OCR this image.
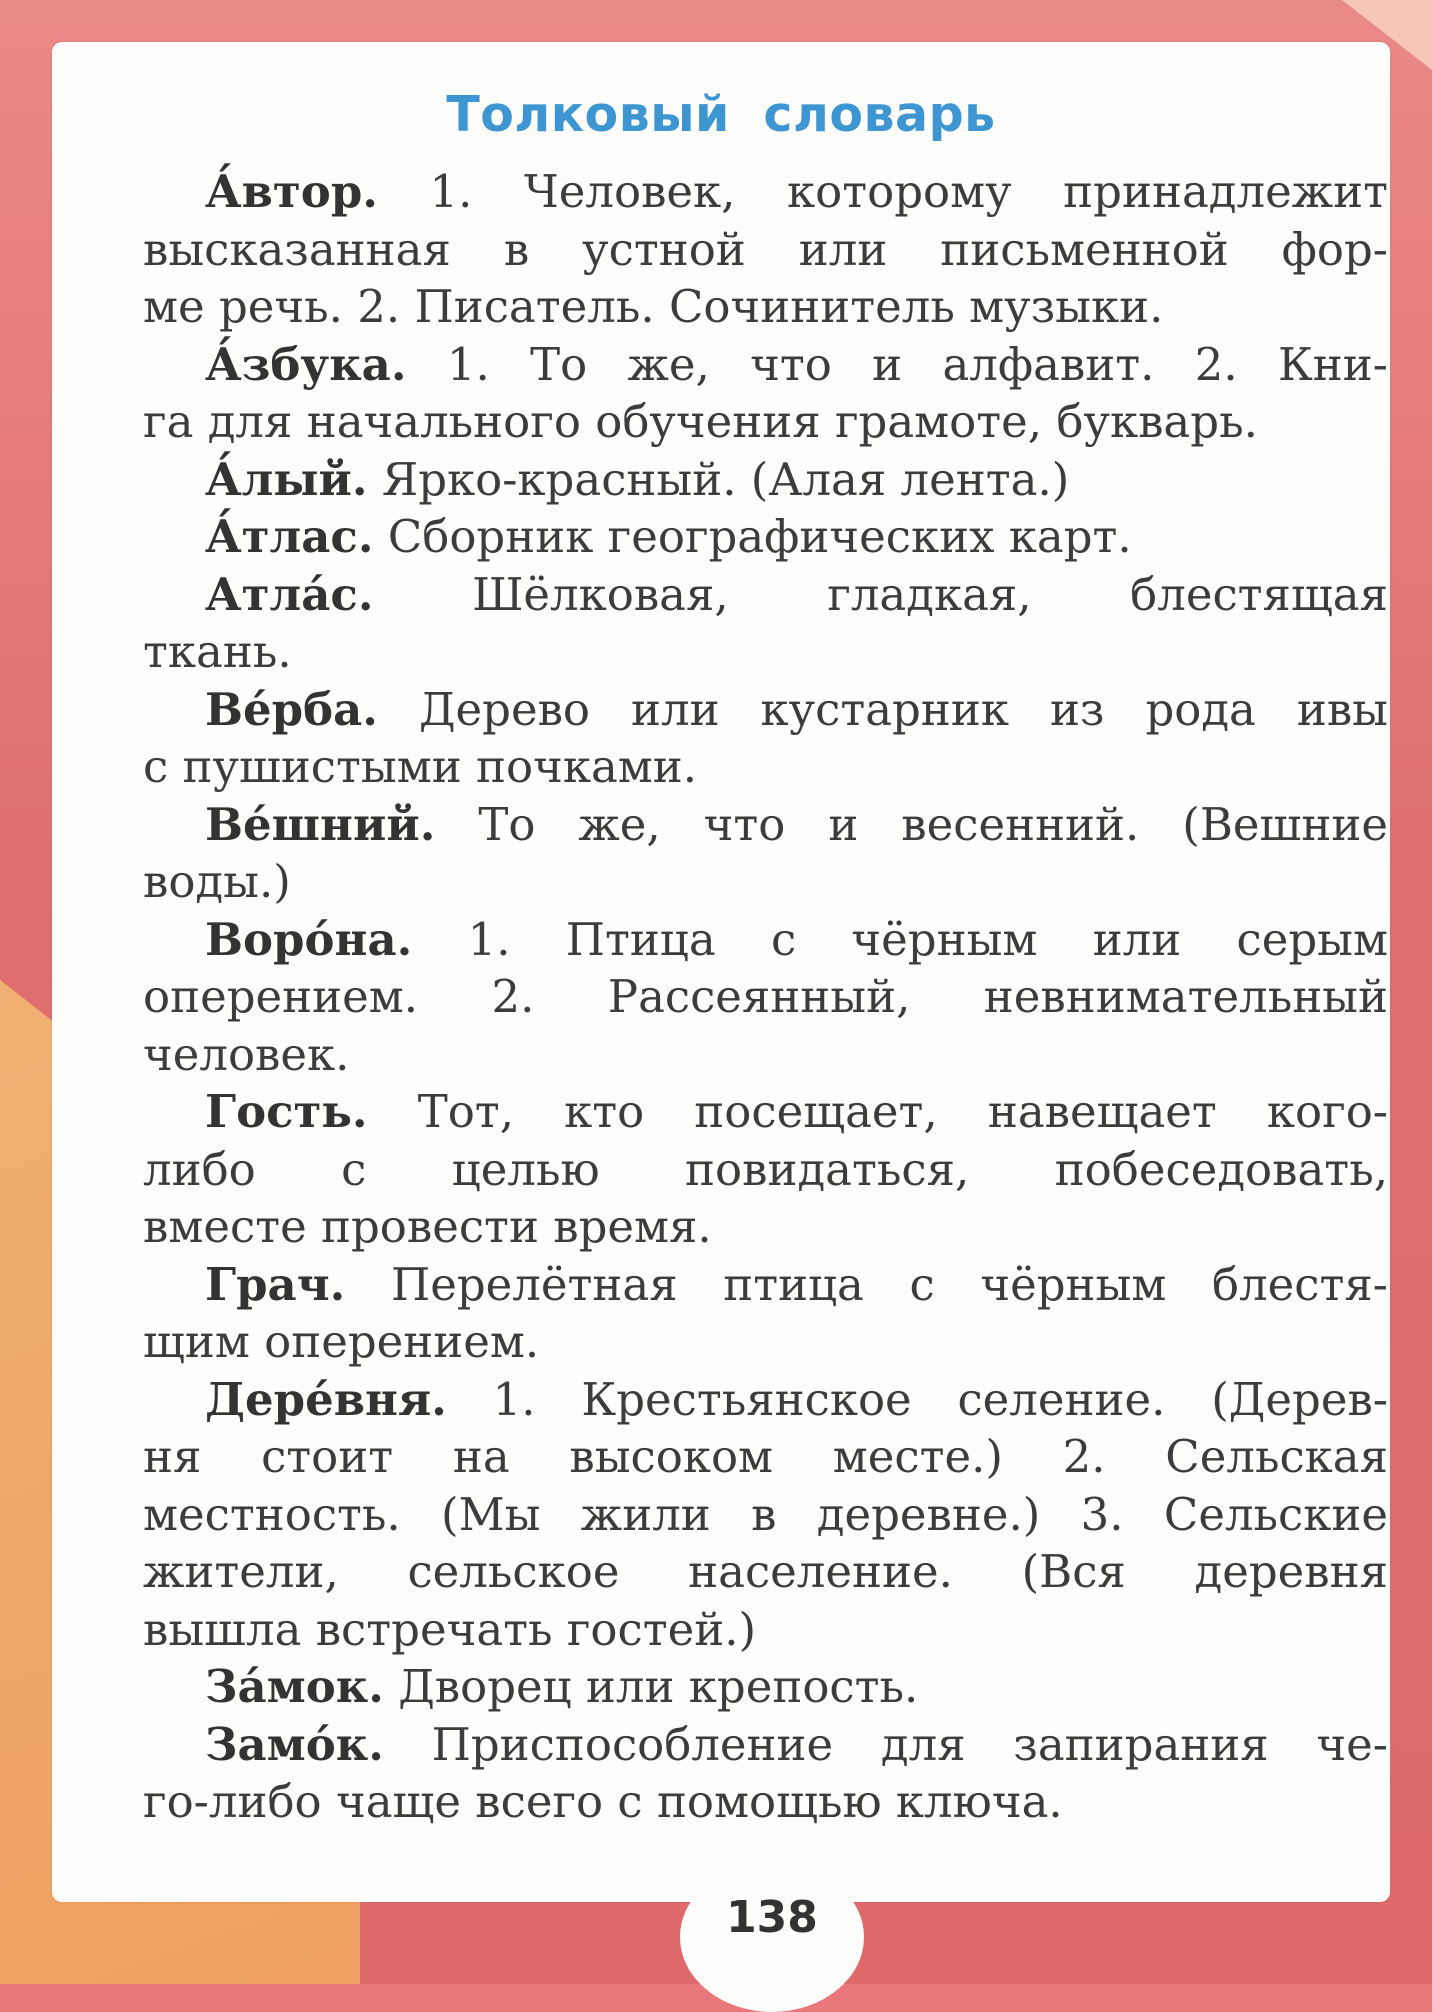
Толковый словарь
А́втор. 1. Человек, которому принадлежит
высказанная в устной или письменной фор-
ме речь. 2. Писатель. Сочинитель музыки.
А́збука. 1. То же, что и алфавит. 2. Кни-
га для начального обучения грамоте, букварь.
А́лый. Ярко-красный. (Алая лента.)
А́тлас. Сборник географических карт.
Атла́с. Шёлковая, гладкая, блестящая
ткань.
Ве́рба. Дерево или кустарник из рода ивы
с пушистыми почками.
Ве́шний. То же, что и весенний. (Вешние
воды.)
Воро́на. 1. Птица с чёрным или серым
оперением. 2. Рассеянный, невнимательный
человек.
Гость. Тот, кто посещает, навещает кого-
либо с целью повидаться, побеседовать,
вместе провести время.
Грач. Перелётная птица с чёрным блестя-
щим оперением.
Дере́вня. 1. Крестьянское селение. (Дерев-
ня стоит на высоком месте.) 2. Сельская
местность. (Мы жили в деревне.) 3. Сельские
жители, сельское население. (Вся деревня
вышла встречать гостей.)
За́мок. Дворец или крепость.
Замо́к. Приспособление для запирания че-
го-либо чаще всего с помощью ключа.
138
